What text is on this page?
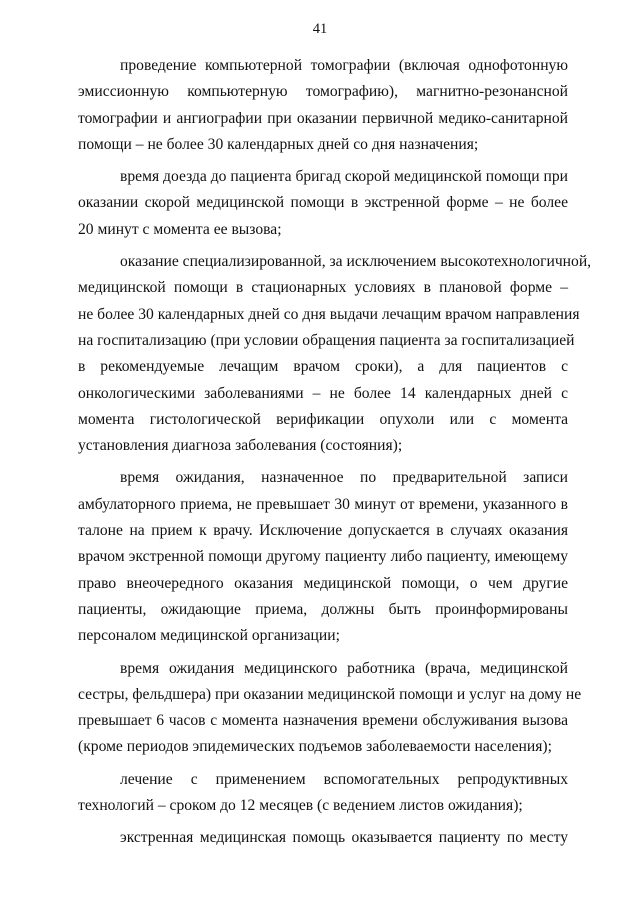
41

проведение компьютерной томографии (включая однофотонную
эмиссионную компьютерную томографию), магнитно-резонансной
томографии и ангиографии при оказании первичной медико-санитарной
помощи – не более 30 календарных дней со дня назначения;

время доезда до пациента бригад скорой медицинской помощи при
оказании скорой медицинской помощи в экстренной форме – не более
20 минут с момента ее вызова;

оказание специализированной, за исключением высокотехнологичной,
медицинской помощи в стационарных условиях в плановой форме –
не более 30 календарных дней со дня выдачи лечащим врачом направления
на госпитализацию (при условии обращения пациента за госпитализацией
в рекомендуемые лечащим врачом сроки), а для пациентов с
онкологическими заболеваниями – не более 14 календарных дней с
момента гистологической верификации опухоли или с момента
установления диагноза заболевания (состояния);

время ожидания, назначенное по предварительной записи
амбулаторного приема, не превышает 30 минут от времени, указанного в
талоне на прием к врачу. Исключение допускается в случаях оказания
врачом экстренной помощи другому пациенту либо пациенту, имеющему
право внеочередного оказания медицинской помощи, о чем другие
пациенты, ожидающие приема, должны быть проинформированы
персоналом медицинской организации;

время ожидания медицинского работника (врача, медицинской
сестры, фельдшера) при оказании медицинской помощи и услуг на дому не
превышает 6 часов с момента назначения времени обслуживания вызова
(кроме периодов эпидемических подъемов заболеваемости населения);

лечение с применением вспомогательных репродуктивных
технологий – сроком до 12 месяцев (с ведением листов ожидания);

экстренная медицинская помощь оказывается пациенту по месту
